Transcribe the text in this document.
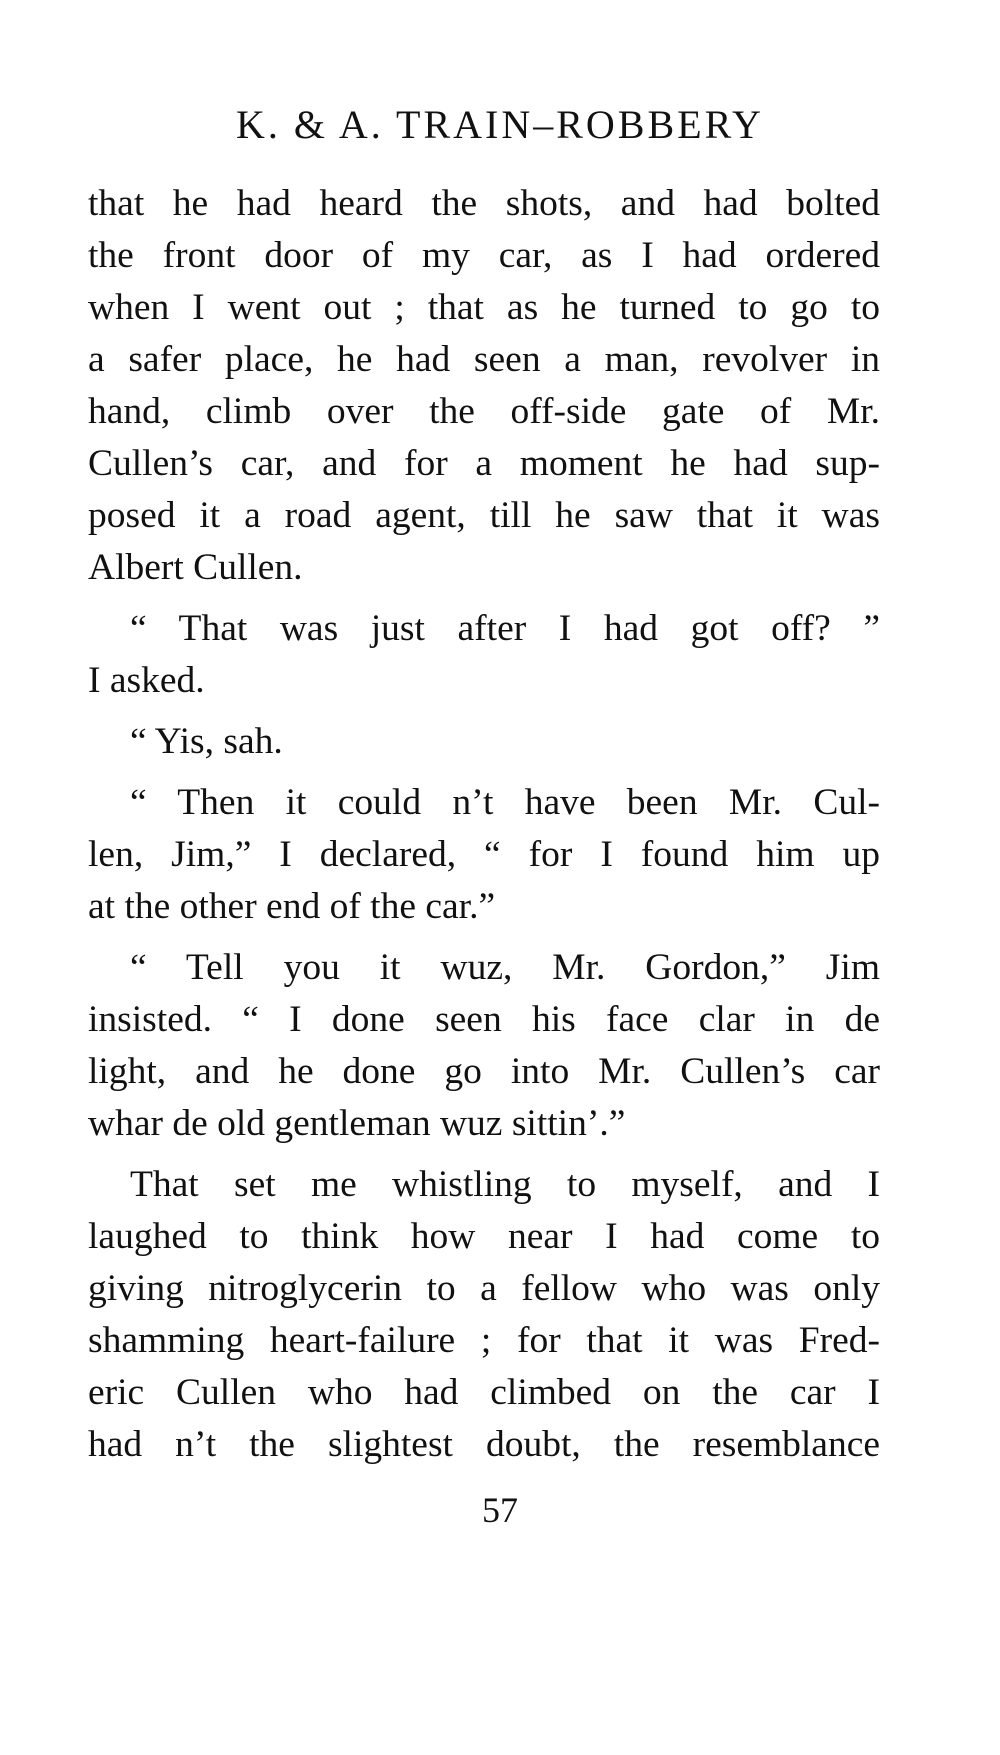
K. & A. TRAIN–ROBBERY
that he had heard the shots, and had bolted
the front door of my car, as I had ordered
when I went out ; that as he turned to go to
a safer place, he had seen a man, revolver in
hand, climb over the off-side gate of Mr.
Cullen’s car, and for a moment he had sup-
posed it a road agent, till he saw that it was
Albert Cullen.
“ That was just after I had got off? ”
I asked.
“ Yis, sah.
“ Then it could n’t have been Mr. Cul-
len, Jim,” I declared, “ for I found him up
at the other end of the car.”
“ Tell you it wuz, Mr. Gordon,” Jim
insisted. “ I done seen his face clar in de
light, and he done go into Mr. Cullen’s car
whar de old gentleman wuz sittin’.”
That set me whistling to myself, and I
laughed to think how near I had come to
giving nitroglycerin to a fellow who was only
shamming heart-failure ; for that it was Fred-
eric Cullen who had climbed on the car I
had n’t the slightest doubt, the resemblance
57
